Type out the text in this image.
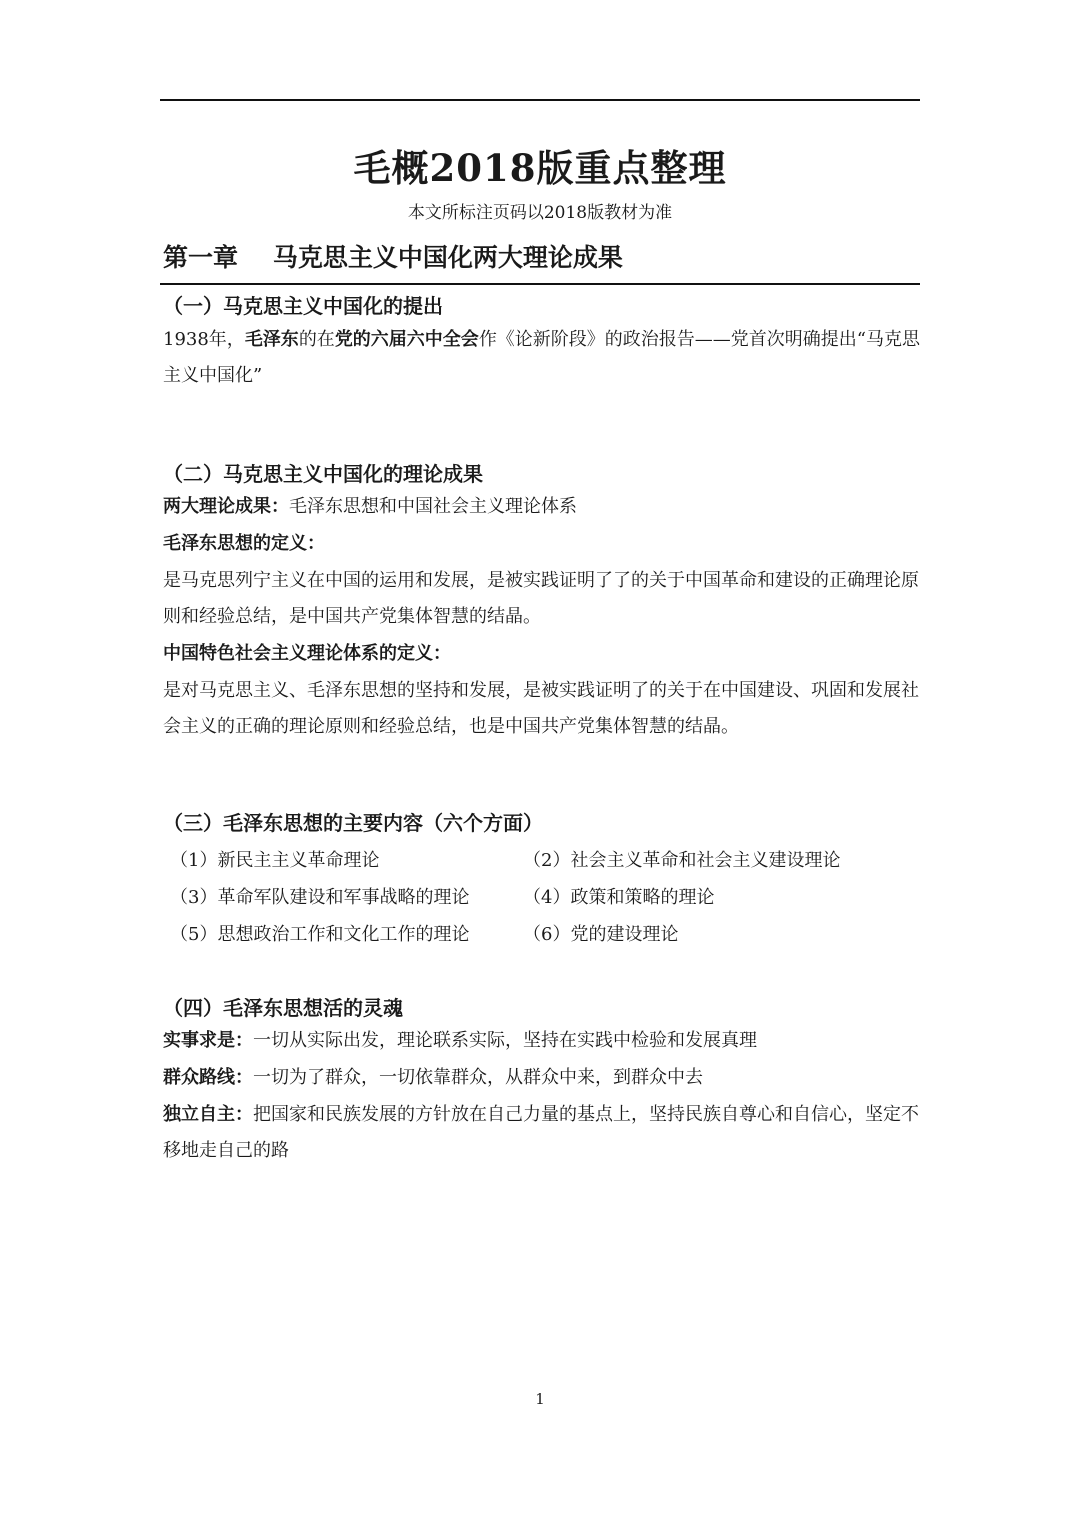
毛概2018版重点整理
本文所标注页码以2018版教材为准
第一章    马克思主义中国化两大理论成果
（一）马克思主义中国化的提出
1938年，毛泽东的在党的六届六中全会作《论新阶段》的政治报告——党首次明确提出“马克思主义中国化”
（二）马克思主义中国化的理论成果
两大理论成果：毛泽东思想和中国社会主义理论体系
毛泽东思想的定义：
是马克思列宁主义在中国的运用和发展，是被实践证明了了的关于中国革命和建设的正确理论原则和经验总结，是中国共产党集体智慧的结晶。
中国特色社会主义理论体系的定义：
是对马克思主义、毛泽东思想的坚持和发展，是被实践证明了的关于在中国建设、巩固和发展社会主义的正确的理论原则和经验总结，也是中国共产党集体智慧的结晶。
（三）毛泽东思想的主要内容（六个方面）
（1）新民主主义革命理论	（2）社会主义革命和社会主义建设理论
（3）革命军队建设和军事战略的理论	（4）政策和策略的理论
（5）思想政治工作和文化工作的理论	（6）党的建设理论
（四）毛泽东思想活的灵魂
实事求是：一切从实际出发，理论联系实际，坚持在实践中检验和发展真理
群众路线：一切为了群众，一切依靠群众，从群众中来，到群众中去
独立自主：把国家和民族发展的方针放在自己力量的基点上，坚持民族自尊心和自信心，坚定不移地走自己的路
1
